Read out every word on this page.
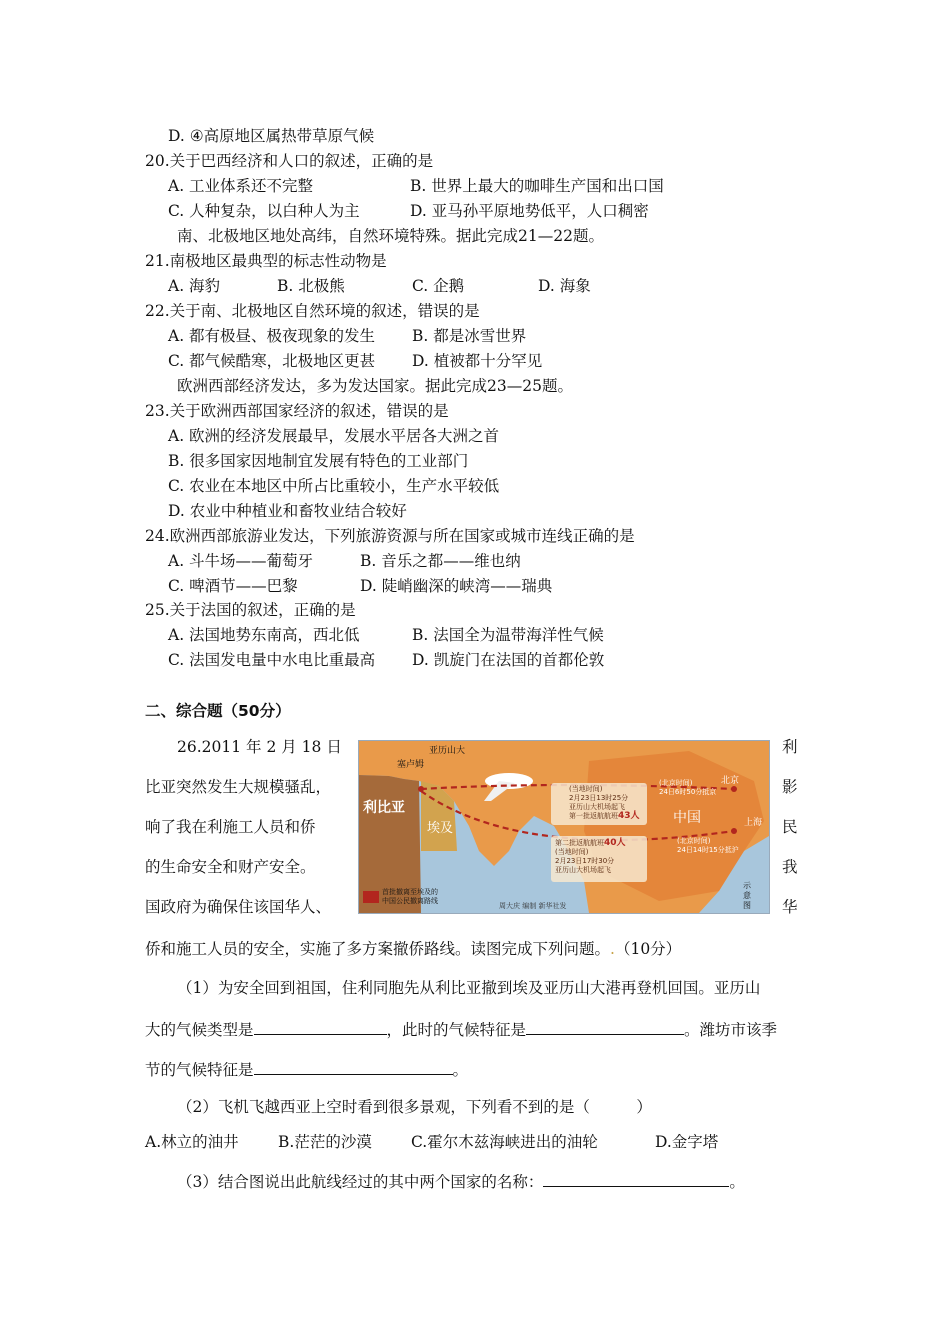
D. ④高原地区属热带草原气候
20.关于巴西经济和人口的叙述，正确的是
A. 工业体系还不完整	B. 世界上最大的咖啡生产国和出口国
C. 人种复杂，以白种人为主	D. 亚马孙平原地势低平，人口稠密
南、北极地区地处高纬，自然环境特殊。据此完成21—22题。
21.南极地区最典型的标志性动物是
A. 海豹	B. 北极熊	C. 企鹅	D. 海象
22.关于南、北极地区自然环境的叙述，错误的是
A. 都有极昼、极夜现象的发生 B. 都是冰雪世界
C. 都气候酷寒，北极地区更甚 D. 植被都十分罕见
欧洲西部经济发达，多为发达国家。据此完成23—25题。
23.关于欧洲西部国家经济的叙述，错误的是
A. 欧洲的经济发展最早，发展水平居各大洲之首
B. 很多国家因地制宜发展有特色的工业部门
C. 农业在本地区中所占比重较小，生产水平较低
D. 农业中种植业和畜牧业结合较好
24.欧洲西部旅游业发达，下列旅游资源与所在国家或城市连线正确的是
A. 斗牛场——葡萄牙	B. 音乐之都——维也纳
C. 啤酒节——巴黎	D. 陡峭幽深的峡湾——瑞典
25.关于法国的叙述，正确的是
A. 法国地势东南高，西北低	B. 法国全为温带海洋性气候
C. 法国发电量中水电比重最高 D. 凯旋门在法国的首都伦敦
二、综合题（50分）
26.2011 年 2 月 18 日	利
比亚突然发生大规模骚乱，	影
响了我在利施工人员和侨	民
的生命安全和财产安全。	我
国政府为确保住该国华人、	华
侨和施工人员的安全，实施了多方案撤侨路线。读图完成下列问题。.（10分）
（1）为安全回到祖国，住利同胞先从利比亚撤到埃及亚历山大港再登机回国。亚历山
大的气候类型是	，此时的气候特征是	。潍坊市该季
节的气候特征是	。
（2）飞机飞越西亚上空时看到很多景观，下列看不到的是（　　　）
A.林立的油井	B.茫茫的沙漠	C.霍尔木兹海峡进出的油轮	D.金字塔
（3）结合图说出此航线经过的其中两个国家的名称：	。
利比亚
埃及
中国
塞卢姆
亚历山大
北京
上海
(当地时间)
2月23日13时25分
亚历山大机场起飞
第一批返航航班43人
(北京时间)
24日6时50分抵京
第二批返航航班40人
(当地时间)
2月23日17时30分
亚历山大机场起飞
(北京时间)
24日14时15分抵沪
首批撤离至埃及的
中国公民撤离路线
周大庆 编制 新华社发
示意图
